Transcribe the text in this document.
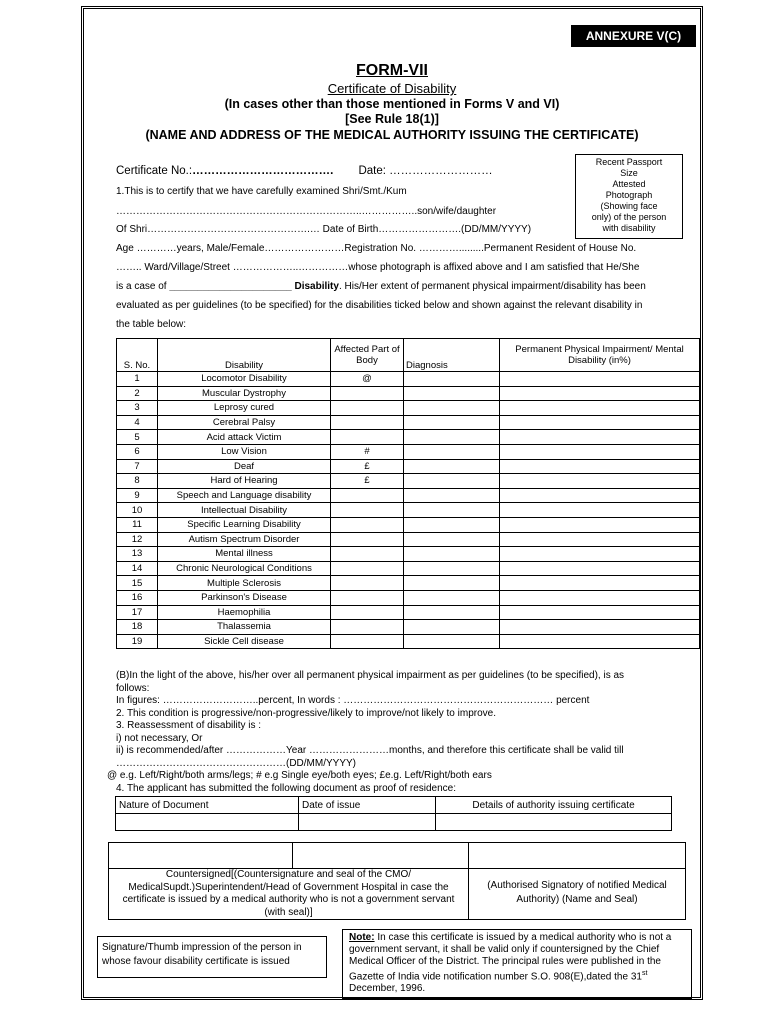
ANNEXURE V(C)
FORM-VII
Certificate of Disability
(In cases other than those mentioned in Forms V and VI)
[See Rule 18(1)]
(NAME AND ADDRESS OF THE MEDICAL AUTHORITY ISSUING THE CERTIFICATE)
Recent Passport
Size
Attested
Photograph
(Showing face
only) of the person
with disability
Certificate No.:………………………………. Date: ………………………
1.This is to certify that we have carefully examined Shri/Smt./Kum
………………………………………………………………..……………..son/wife/daughter
Of Shri………………………………………….… Date of Birth…………………….(DD/MM/YYYY)
Age …………years, Male/Female……………………Registration No. ………….........Permanent Resident of House No.
…….. Ward/Village/Street ………………..……………whose photograph is affixed above and I am satisfied that He/She
is a case of ______________________ Disability. His/Her extent of permanent physical impairment/disability has been
evaluated as per guidelines (to be specified) for the disabilities ticked below and shown against the relevant disability in
the table below:
S. No.	Disability	Affected Part of Body	Diagnosis	Permanent Physical Impairment/ Mental Disability (in%)
1	Locomotor Disability	@		
2	Muscular Dystrophy			
3	Leprosy cured			
4	Cerebral Palsy			
5	Acid attack Victim			
6	Low Vision	#		
7	Deaf	£		
8	Hard of Hearing	£		
9	Speech and Language disability			
10	Intellectual Disability			
11	Specific Learning Disability			
12	Autism Spectrum Disorder			
13	Mental illness			
14	Chronic Neurological Conditions			
15	Multiple Sclerosis			
16	Parkinson's Disease			
17	Haemophilia			
18	Thalassemia			
19	Sickle Cell disease			
(B)In the light of the above, his/her over all permanent physical impairment as per guidelines (to be specified), is as
follows:
In figures: ………………………..percent, In words : ……………………………………………………… percent
2. This condition is progressive/non-progressive/likely to improve/not likely to improve.
3. Reassessment of disability is :
i) not necessary, Or
ii) is recommended/after ………………Year ……………………months, and therefore this certificate shall be valid till
……………………………………………(DD/MM/YYYY)
@ e.g. Left/Right/both arms/legs; # e.g Single eye/both eyes; £e.g. Left/Right/both ears
4. The applicant has submitted the following document as proof of residence:
Nature of Document	Date of issue	Details of authority issuing certificate

Countersigned[(Countersignature and seal of the CMO/ MedicalSupdt.)Superintendent/Head of Government Hospital in case the certificate is issued by a medical authority who is not a government servant (with seal)]
(Authorised Signatory of notified Medical Authority) (Name and Seal)
Signature/Thumb impression of the person in whose favour disability certificate is issued
Note: In case this certificate is issued by a medical authority who is not a government servant, it shall be valid only if countersigned by the Chief Medical Officer of the District. The principal rules were published in the Gazette of India vide notification number S.O. 908(E),dated the 31st December, 1996.
